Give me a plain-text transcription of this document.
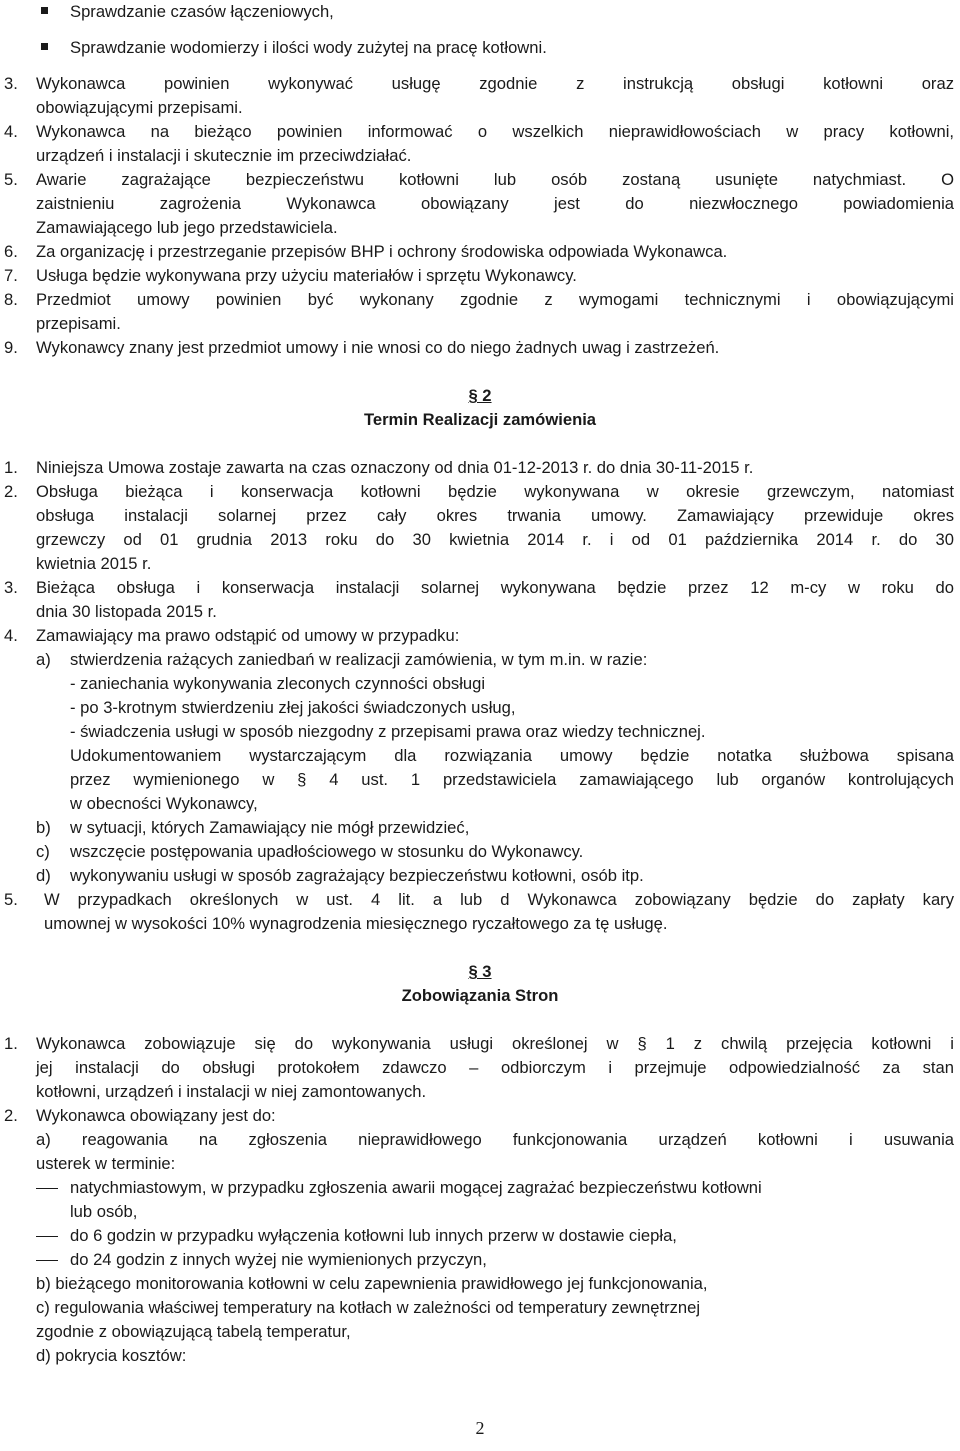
Sprawdzanie czasów łączeniowych,
Sprawdzanie wodomierzy i ilości wody zużytej na pracę kotłowni.
3. Wykonawca powinien wykonywać usługę zgodnie z instrukcją obsługi kotłowni oraz
obowiązującymi przepisami.
4. Wykonawca na bieżąco powinien informować o wszelkich nieprawidłowościach w pracy kotłowni,
urządzeń i instalacji i skutecznie im przeciwdziałać.
5. Awarie zagrażające bezpieczeństwu kotłowni lub osób zostaną usunięte natychmiast. O
zaistnieniu zagrożenia Wykonawca obowiązany jest do niezwłocznego powiadomienia
Zamawiającego lub jego przedstawiciela.
6. Za organizację i przestrzeganie przepisów BHP i ochrony środowiska odpowiada Wykonawca.
7. Usługa będzie wykonywana przy użyciu materiałów i sprzętu Wykonawcy.
8. Przedmiot umowy powinien być wykonany zgodnie z wymogami technicznymi i obowiązującymi
przepisami.
9. Wykonawcy znany jest przedmiot umowy i nie wnosi co do niego żadnych uwag i zastrzeżeń.
§ 2
Termin Realizacji zamówienia
1. Niniejsza Umowa zostaje zawarta na czas oznaczony od dnia 01-12-2013 r. do dnia 30-11-2015 r.
2. Obsługa bieżąca i konserwacja kotłowni będzie wykonywana w okresie grzewczym, natomiast
obsługa instalacji solarnej przez cały okres trwania umowy. Zamawiający przewiduje okres
grzewczy od 01 grudnia 2013 roku do 30 kwietnia 2014 r. i od 01 października 2014 r. do 30
kwietnia 2015 r.
3. Bieżąca obsługa i konserwacja instalacji solarnej wykonywana będzie przez 12 m-cy w roku do
dnia 30 listopada 2015 r.
4. Zamawiający ma prawo odstąpić od umowy w przypadku:
a) stwierdzenia rażących zaniedbań w realizacji zamówienia, w tym m.in. w razie:
- zaniechania wykonywania zleconych czynności obsługi
- po 3-krotnym stwierdzeniu złej jakości świadczonych usług,
- świadczenia usługi w sposób niezgodny z przepisami prawa oraz wiedzy technicznej.
Udokumentowaniem wystarczającym dla rozwiązania umowy będzie notatka służbowa spisana
przez wymienionego w § 4 ust. 1 przedstawiciela zamawiającego lub organów kontrolujących
w obecności Wykonawcy,
b) w sytuacji, których Zamawiający nie mógł przewidzieć,
c) wszczęcie postępowania upadłościowego w stosunku do Wykonawcy.
d) wykonywaniu usługi w sposób zagrażający bezpieczeństwu kotłowni, osób itp.
5. W przypadkach określonych w ust. 4 lit. a lub d Wykonawca zobowiązany będzie do zapłaty kary
umownej w wysokości 10% wynagrodzenia miesięcznego ryczałtowego za tę usługę.
§ 3
Zobowiązania Stron
1. Wykonawca zobowiązuje się do wykonywania usługi określonej w § 1 z chwilą przejęcia kotłowni i
jej instalacji do obsługi protokołem zdawczo – odbiorczym i przejmuje odpowiedzialność za stan
kotłowni, urządzeń i instalacji w niej zamontowanych.
2. Wykonawca obowiązany jest do:
a) reagowania na zgłoszenia nieprawidłowego funkcjonowania urządzeń kotłowni i usuwania
usterek w terminie:
natychmiastowym, w przypadku zgłoszenia awarii mogącej zagrażać bezpieczeństwu kotłowni
lub osób,
do 6 godzin w przypadku wyłączenia kotłowni lub innych przerw w dostawie ciepła,
do 24 godzin z innych wyżej nie wymienionych przyczyn,
b) bieżącego monitorowania kotłowni w celu zapewnienia prawidłowego jej funkcjonowania,
c) regulowania właściwej temperatury na kotłach w zależności od temperatury zewnętrznej
zgodnie z obowiązującą tabelą temperatur,
d) pokrycia kosztów:
2
